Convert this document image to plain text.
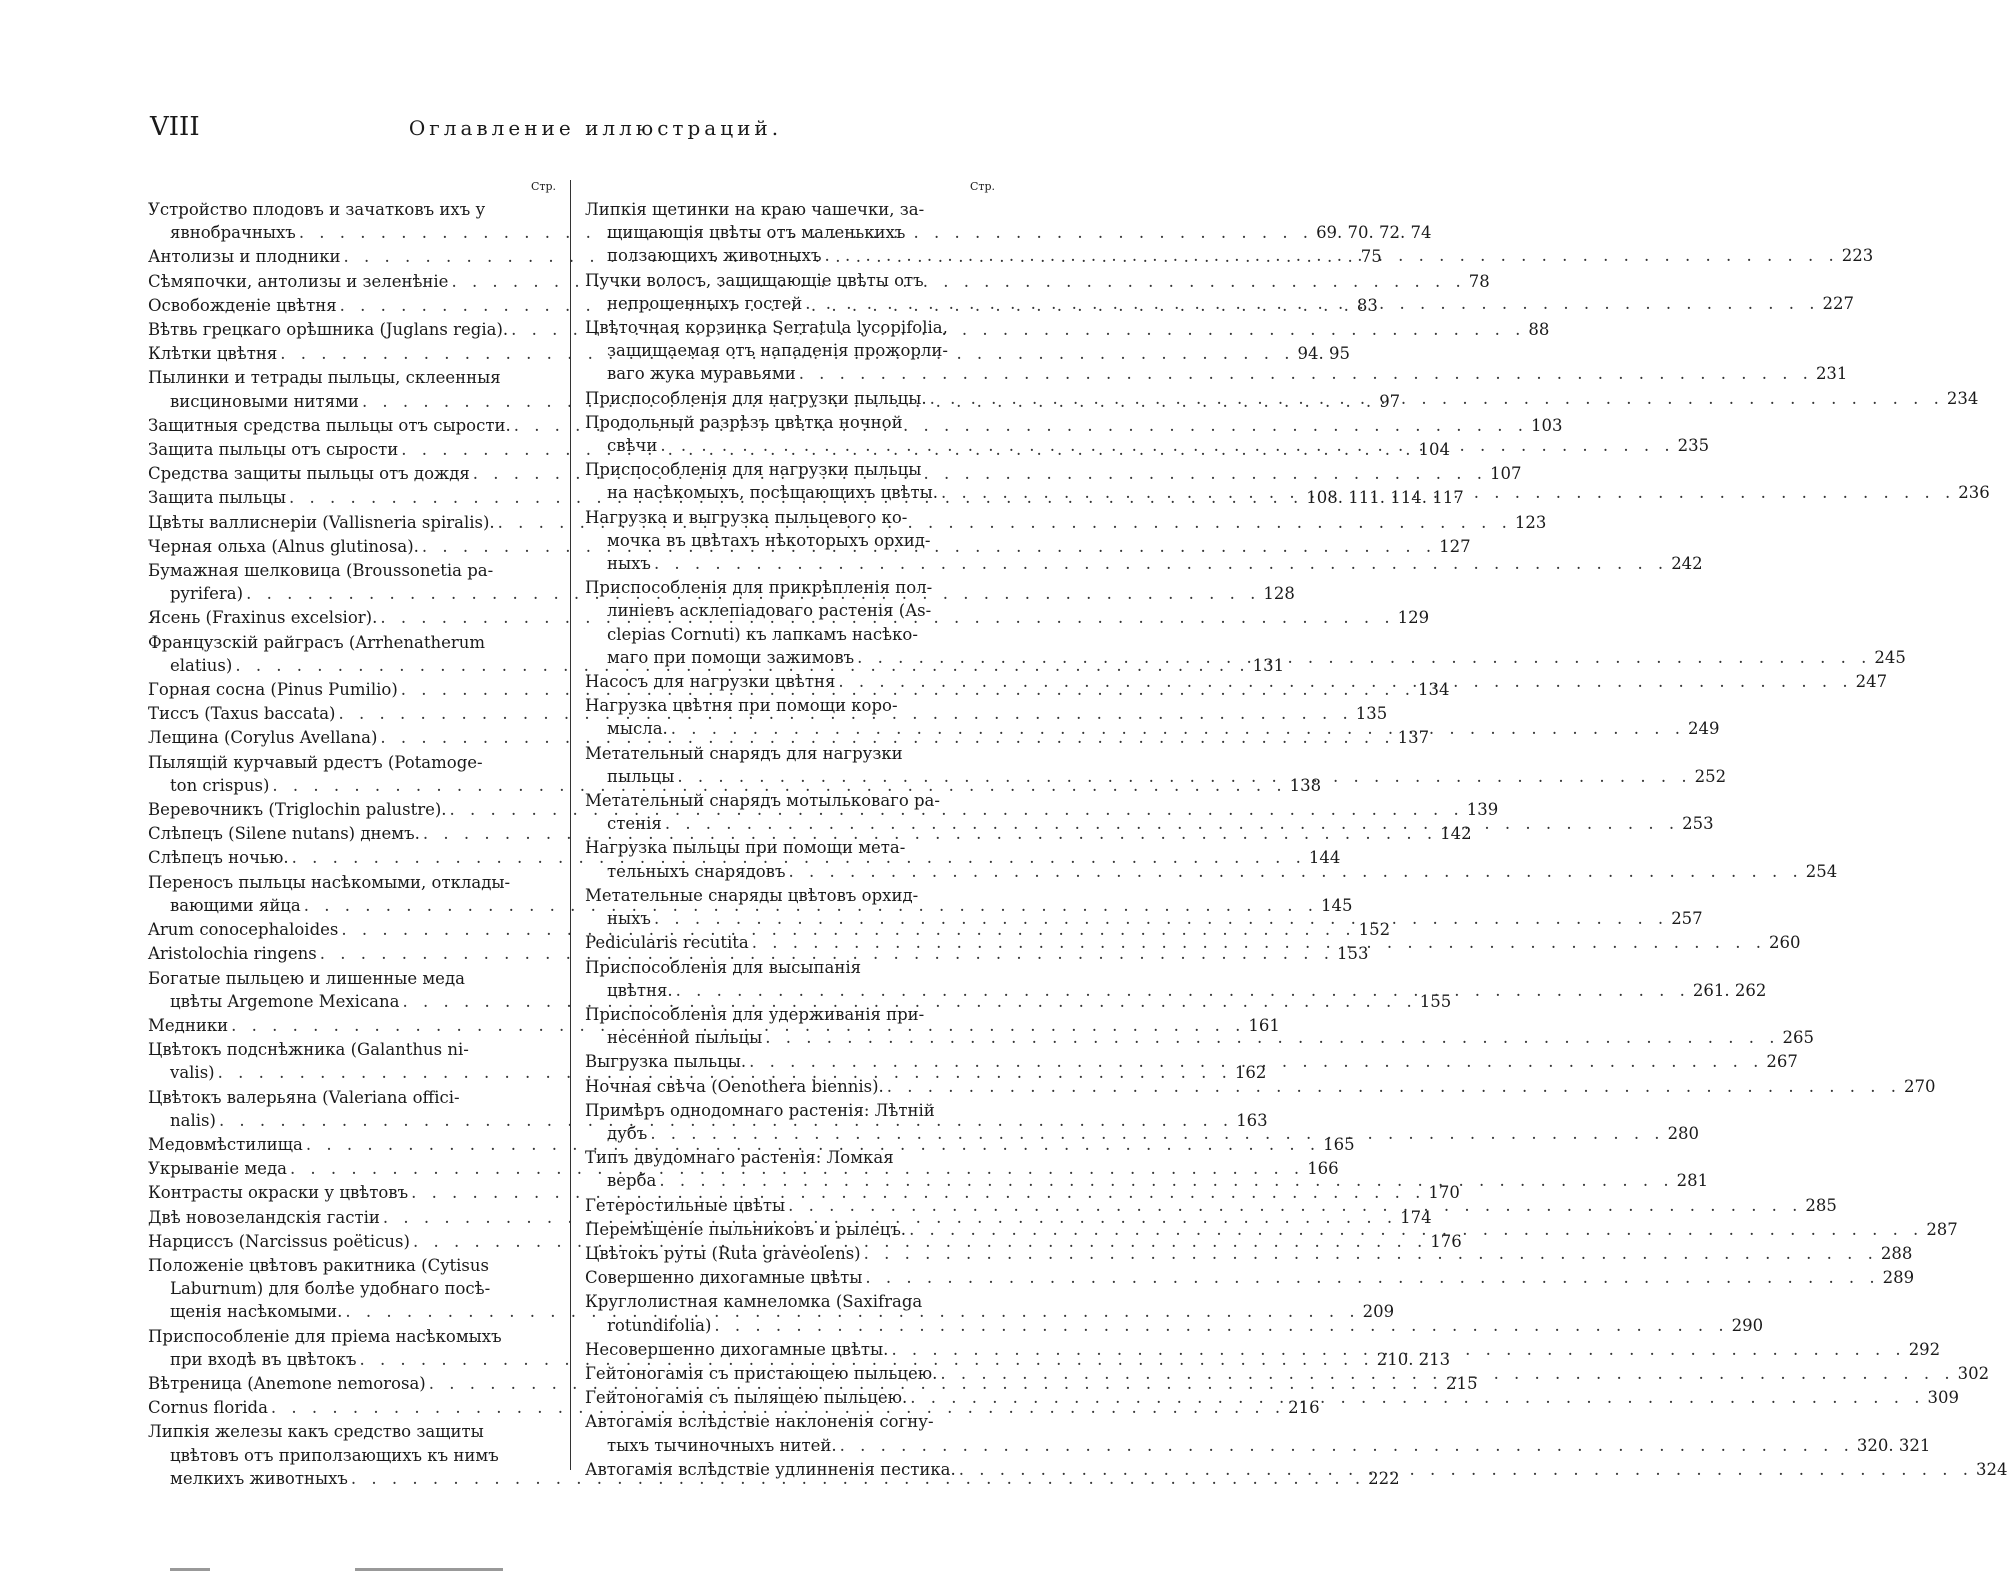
VIII	Оглавление иллюстраций.
Стр.
Устройство плодовъ и зачатковъ ихъ у
явнобрачныхъ . . .	69. 70. 72. 74
Антолизы и плодники . . .	75
Сѣмяпочки, антолизы и зеленѣніе . . .	78
Освобожденіе цвѣтня . . .	83
Вѣтвь грецкаго орѣшника (Juglans regia). . . .	88
Клѣтки цвѣтня . . .	94. 95
Пылинки и тетрады пыльцы, склеенныя
висциновыми нитями . . .	97
Защитныя средства пыльцы отъ сырости. . . .	103
Защита пыльцы отъ сырости . . .	104
Средства защиты пыльцы отъ дождя . . .	107
Защита пыльцы . . .	108. 111. 114. 117
Цвѣты валлиснеріи (Vallisneria spiralis). . . .	123
Черная ольха (Alnus glutinosa). . . .	127
Бумажная шелковица (Broussonetia pa-
pyrifera) . . .	128
Ясень (Fraxinus excelsior). . . .	129
Французскій райграсъ (Arrhenatherum
elatius) . . .	131
Горная сосна (Pinus Pumilio) . . .	134
Тиссъ (Taxus baccata) . . .	135
Лещина (Corylus Avellana) . . .	137
Пылящій курчавый рдестъ (Potamoge-
ton crispus) . . .	138
Веревочникъ (Triglochin palustre). . . .	139
Слѣпецъ (Silene nutans) днемъ. . . .	142
Слѣпецъ ночью. . . .	144
Переносъ пыльцы насѣкомыми, отклады-
вающими яйца . . .	145
Arum conocephaloides . . .	152
Aristolochia ringens . . .	153
Богатые пыльцею и лишенные меда
цвѣты Argemone Mexicana . . .	155
Медники . . .	161
Цвѣтокъ подснѣжника (Galanthus ni-
valis) . . .	162
Цвѣтокъ валерьяна (Valeriana offici-
nalis) . . .	163
Медовмѣстилища . . .	165
Укрываніе меда . . .	166
Контрасты окраски у цвѣтовъ . . .	170
Двѣ новозеландскія гастіи . . .	174
Нарциссъ (Narcissus poëticus) . . .	176
Положеніе цвѣтовъ ракитника (Cytisus
Laburnum) для болѣе удобнаго посѣ-
щенія насѣкомыми. . . .	209
Приспособленіе для пріема насѣкомыхъ
при входѣ въ цвѣтокъ . . .	210. 213
Вѣтреница (Anemone nemorosa) . . .	215
Cornus florida . . .	216
Липкія железы какъ средство защиты
цвѣтовъ отъ приползающихъ къ нимъ
мелкихъ животныхъ . . .	222
Стр.
Липкія щетинки на краю чашечки, за-
щищающія цвѣты отъ маленькихъ
ползающихъ животныхъ . . .	223
Пучки волосъ, защищающіе цвѣты отъ
непрошенныхъ гостей . . .	227
Цвѣточная корзинка Serratula lycopifolia,
защищаемая отъ нападенія прожорли-
ваго жука муравьями . . .	231
Приспособленія для нагрузки пыльцы. . . .	234
Продольный разрѣзъ цвѣтка ночной
свѣчи . . .	235
Приспособленія для нагрузки пыльцы
на насѣкомыхъ, посѣщающихъ цвѣты. . . .	236
Нагрузка и выгрузка пыльцевого ко-
мочка въ цвѣтахъ нѣкоторыхъ орхид-
ныхъ . . .	242
Приспособленія для прикрѣпленія пол-
линіевъ асклепіадоваго растенія (As-
clepias Cornuti) къ лапкамъ насѣко-
маго при помощи зажимовъ . . .	245
Насосъ для нагрузки цвѣтня . . .	247
Нагрузка цвѣтня при помощи коро-
мысла. . . .	249
Метательный снарядъ для нагрузки
пыльцы . . .	252
Метательный снарядъ мотыльковаго ра-
стенія . . .	253
Нагрузка пыльцы при помощи мета-
тельныхъ снарядовъ . . .	254
Метательные снаряды цвѣтовъ орхид-
ныхъ . . .	257
Pedicularis recutita . . .	260
Приспособленія для высыпанія
цвѣтня. . . .	261. 262
Приспособленія для удерживанія при-
несенной пыльцы . . .	265
Выгрузка пыльцы. . . .	267
Ночная свѣча (Oenothera biennis). . . .	270
Примѣръ однодомнаго растенія: Лѣтній
дубъ . . .	280
Типъ двудомнаго растенія: Ломкая
верба . . .	281
Гетеростильные цвѣты . . .	285
Перемѣщеніе пыльниковъ и рылецъ. . . .	287
Цвѣтокъ руты (Ruta graveolens) . . .	288
Совершенно дихогамные цвѣты . . .	289
Круглолистная камнеломка (Saxifraga
rotundifolia) . . .	290
Несовершенно дихогамные цвѣты. . . .	292
Гейтоногамія съ пристающею пыльцею. . . .	302
Гейтоногамія съ пылящею пыльцею. . . .	309
Автогамія вслѣдствіе наклоненія согну-
тыхъ тычиночныхъ нитей. . . .	320. 321
Автогамія вслѣдствіе удлинненія пестика. . . .	324
